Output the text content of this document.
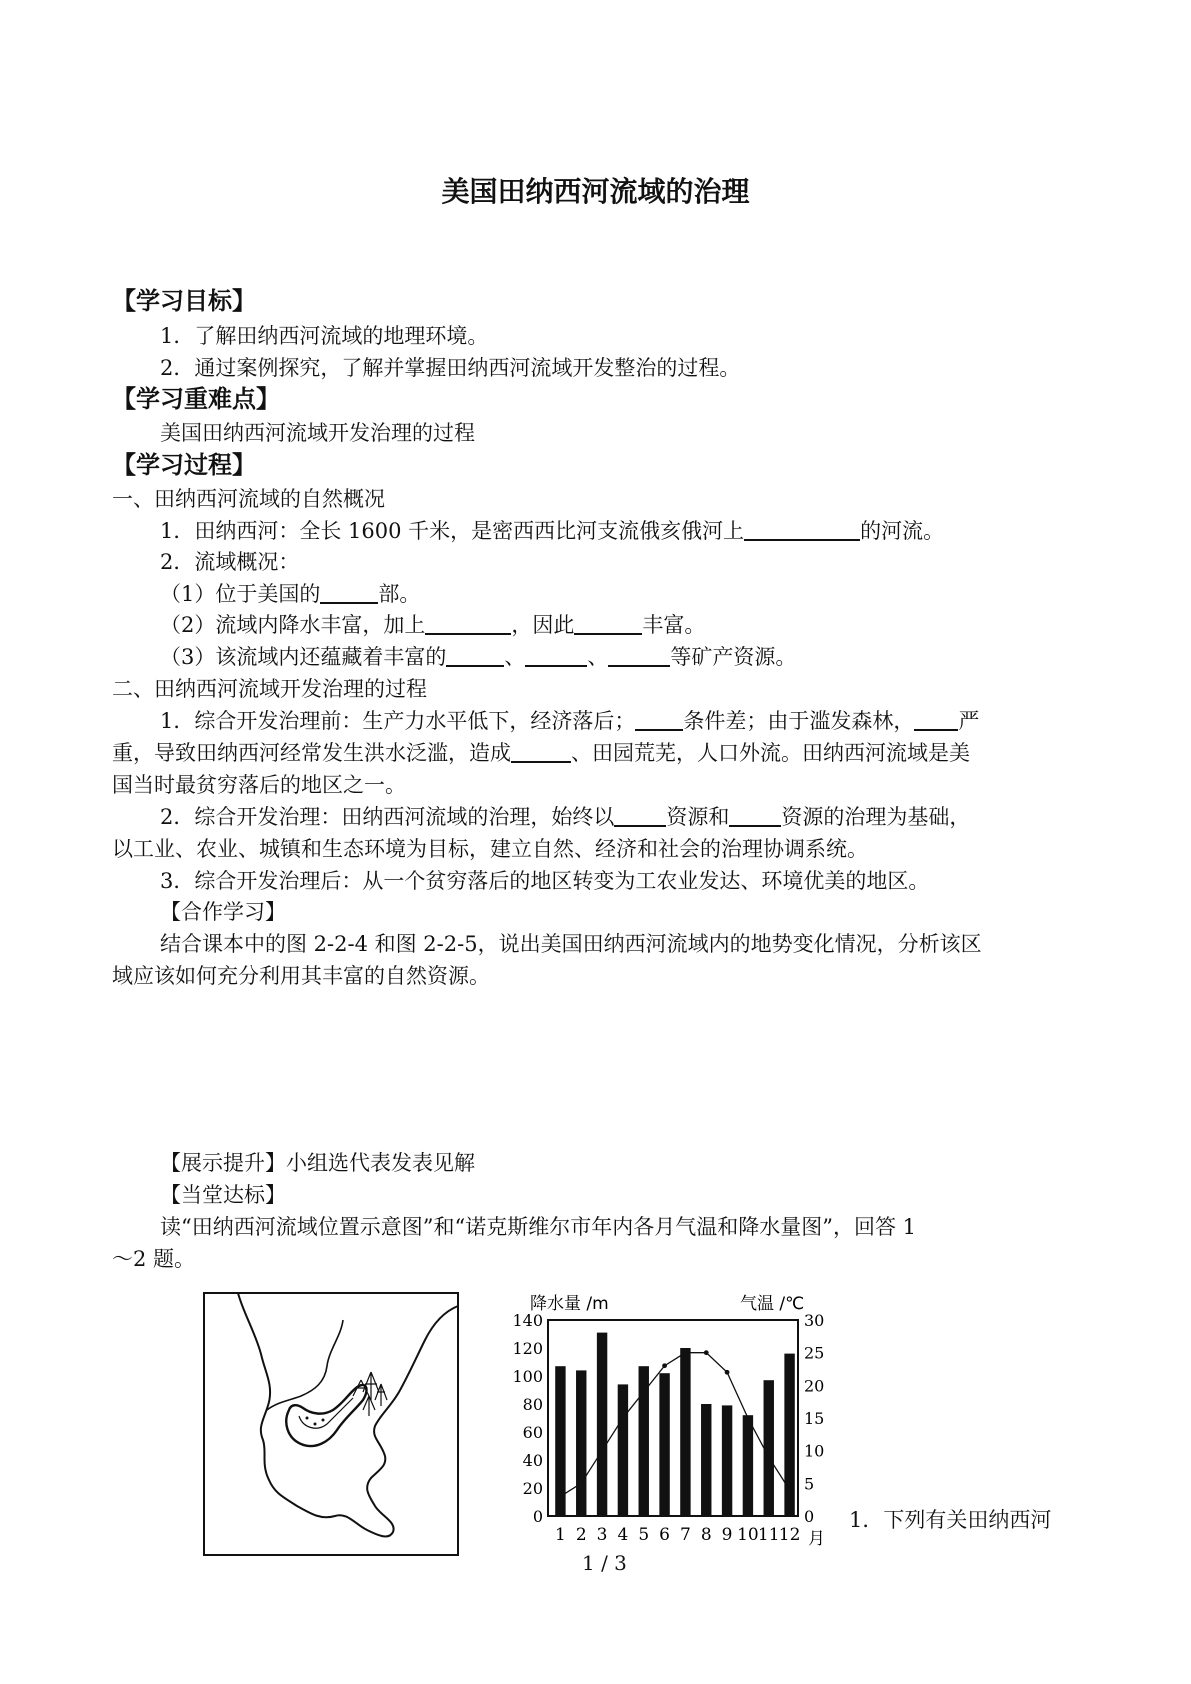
美国田纳西河流域的治理
【学习目标】
1．了解田纳西河流域的地理环境。
2．通过案例探究，了解并掌握田纳西河流域开发整治的过程。
【学习重难点】
美国田纳西河流域开发治理的过程
【学习过程】
一、田纳西河流域的自然概况
1．田纳西河：全长 1600 千米，是密西西比河支流俄亥俄河上	的河流。
2．流域概况：
（1）位于美国的	部。
（2）流域内降水丰富，加上	，因此	丰富。
（3）该流域内还蕴藏着丰富的	、	、	等矿产资源。
二、田纳西河流域开发治理的过程
1．综合开发治理前：生产力水平低下，经济落后； 条件差；由于滥发森林， 严
重，导致田纳西河经常发生洪水泛滥，造成	、田园荒芜，人口外流。田纳西河流域是美
国当时最贫穷落后的地区之一。
2．综合开发治理：田纳西河流域的治理，始终以 资源和 资源的治理为基础，
以工业、农业、城镇和生态环境为目标，建立自然、经济和社会的治理协调系统。
3．综合开发治理后：从一个贫穷落后的地区转变为工农业发达、环境优美的地区。
【合作学习】
结合课本中的图 2-2-4 和图 2-2-5，说出美国田纳西河流域内的地势变化情况，分析该区
域应该如何充分利用其丰富的自然资源。
【展示提升】小组选代表发表见解
【当堂达标】
读“田纳西河流域位置示意图”和“诺克斯维尔市年内各月气温和降水量图”，回答 1
～2 题。
降水量 /m	气温 /℃
0
20
40
60
80
100
120
140
0
5
10
15
20
25
30
1 2 3 4 5 6 7 8 9 10 11 12 月
1．下列有关田纳西河
1 / 3
